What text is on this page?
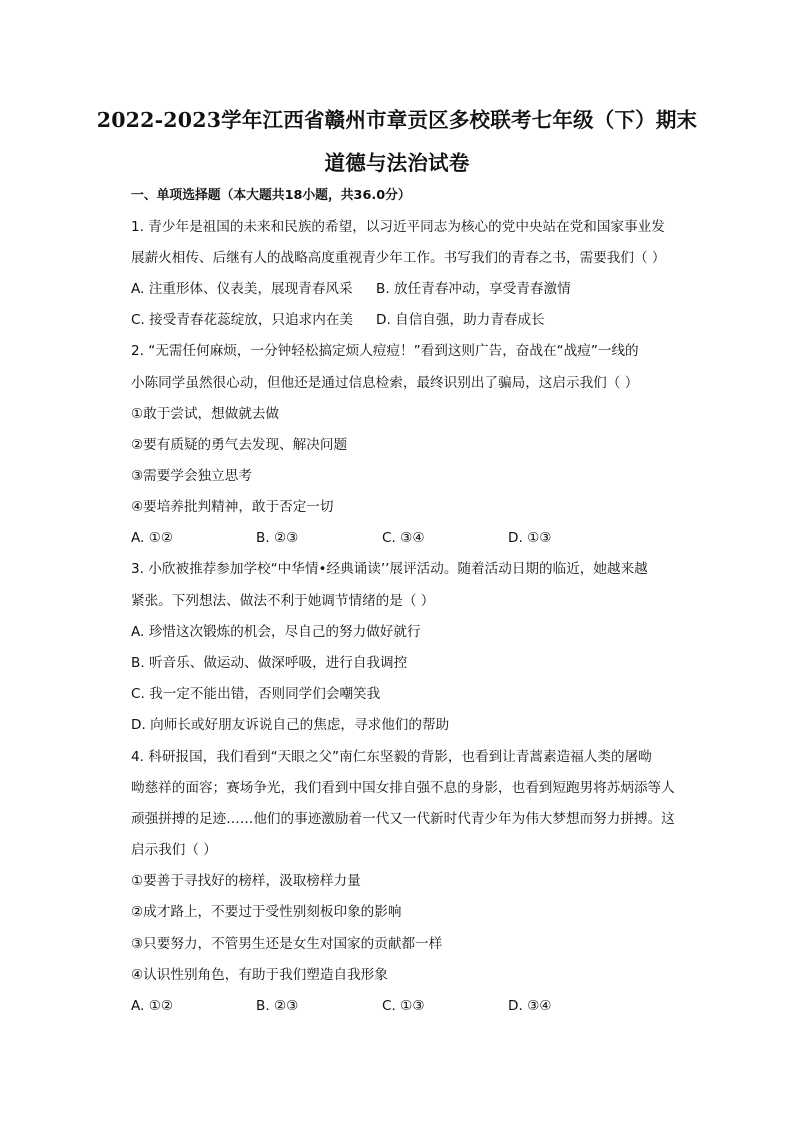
2022-2023学年江西省赣州市章贡区多校联考七年级（下）期末
道德与法治试卷
一、单项选择题（本大题共18小题，共36.0分）
1. 青少年是祖国的未来和民族的希望，以习近平同志为核心的党中央站在党和国家事业发
展薪火相传、后继有人的战略高度重视青少年工作。书写我们的青春之书，需要我们（ ）
A. 注重形体、仪表美，展现青春风采 B. 放任青春冲动，享受青春激情
C. 接受青春花蕊绽放，只追求内在美 D. 自信自强，助力青春成长
2. “无需任何麻烦，一分钟轻松搞定烦人痘痘！”看到这则广告，奋战在“战痘”一线的
小陈同学虽然很心动，但他还是通过信息检索，最终识别出了骗局，这启示我们（ ）
①敢于尝试，想做就去做
②要有质疑的勇气去发现、解决问题
③需要学会独立思考
④要培养批判精神，敢于否定一切
A. ①②	B. ②③	C. ③④	D. ①③
3. 小欣被推荐参加学校“中华情•经典诵读’’展评活动。随着活动日期的临近，她越来越
紧张。下列想法、做法不利于她调节情绪的是（ ）
A. 珍惜这次锻炼的机会，尽自己的努力做好就行
B. 听音乐、做运动、做深呼吸，进行自我调控
C. 我一定不能出错，否则同学们会嘲笑我
D. 向师长或好朋友诉说自己的焦虑，寻求他们的帮助
4. 科研报国，我们看到“天眼之父”南仁东坚毅的背影，也看到让青蒿素造福人类的屠呦
呦慈祥的面容；赛场争光，我们看到中国女排自强不息的身影，也看到短跑男将苏炳添等人
顽强拼搏的足迹……他们的事迹激励着一代又一代新时代青少年为伟大梦想而努力拼搏。这
启示我们（ ）
①要善于寻找好的榜样，汲取榜样力量
②成才路上，不要过于受性别刻板印象的影响
③只要努力，不管男生还是女生对国家的贡献都一样
④认识性别角色，有助于我们塑造自我形象
A. ①②	B. ②③	C. ①③	D. ③④
